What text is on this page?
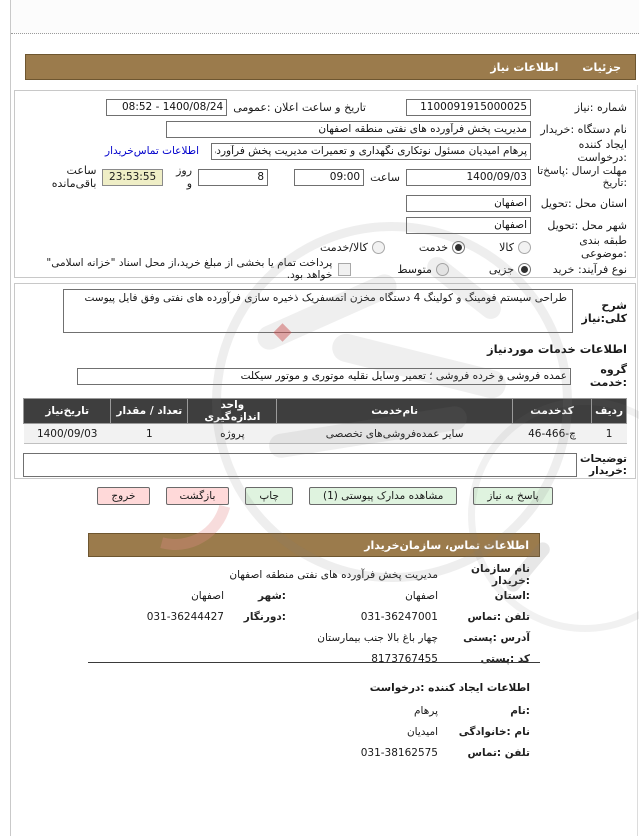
جزئیات
اطلاعات نیاز
شماره :نیاز
1100091915000025
تاریخ و ساعت اعلان :عمومی
1400/08/24 - 08:52
نام دستگاه :خریدار
مدیریت پخش فرآورده های نفتی منطقه اصفهان
ایجاد کننده :درخواست
پرهام امیدیان مسئول نوتکاری نگهداری و تعمیرات مدیریت پخش فرآورده های نفت
اطلاعات تماس‌خریدار
مهلت ارسال :پاسخ‌تا
:تاریخ
1400/09/03
ساعت
09:00
8
روز و
23:53:55
ساعت باقی‌مانده
استان محل :تحویل
اصفهان
شهر محل :تحویل
اصفهان
طبقه بندی :موضوعی
کالا
خدمت
کالا/خدمت
نوع فرآیند: خرید
جزیی
متوسط
پرداخت تمام یا بخشی از مبلغ خرید،از محل اسناد "خزانه اسلامی" خواهد بود.
شرح کلی:نیاز
طراحی سیستم فومینگ و کولینگ 4 دستگاه مخزن اتمسفریک ذخیره سازی فرآورده های نفتی وفق فایل پیوست
اطلاعات خدمات موردنیاز
گروه :خدمت
عمده فروشی و خرده فروشی ؛ تعمیر وسایل نقلیه موتوری و موتور سیکلت
ردیف	کدخدمت	نام‌خدمت	واحد اندازه‌گیری	تعداد / مقدار	تاریخ‌نیاز
1	چ-466-46	سایر عمده‌فروشی‌های تخصصی	پروژه	1	1400/09/03
توضیحات
:خریدار
پاسخ به نیاز
مشاهده مدارک پیوستی (1)
چاپ
بازگشت
خروج
اطلاعات تماس، سازمان‌خریدار
نام سازمان :خریدار
مدیریت پخش فرآورده های نفتی منطقه اصفهان
:استان
اصفهان
:شهر
اصفهان
تلفن :تماس
031-36247001
:دورنگار
031-36244427
آدرس :پستی
چهار باغ بالا جنب بیمارستان
کد :پستی
8173767455
اطلاعات ایجاد کننده :درخواست
:نام
پرهام
نام :خانوادگی
امیدیان
تلفن :تماس
031-38162575
